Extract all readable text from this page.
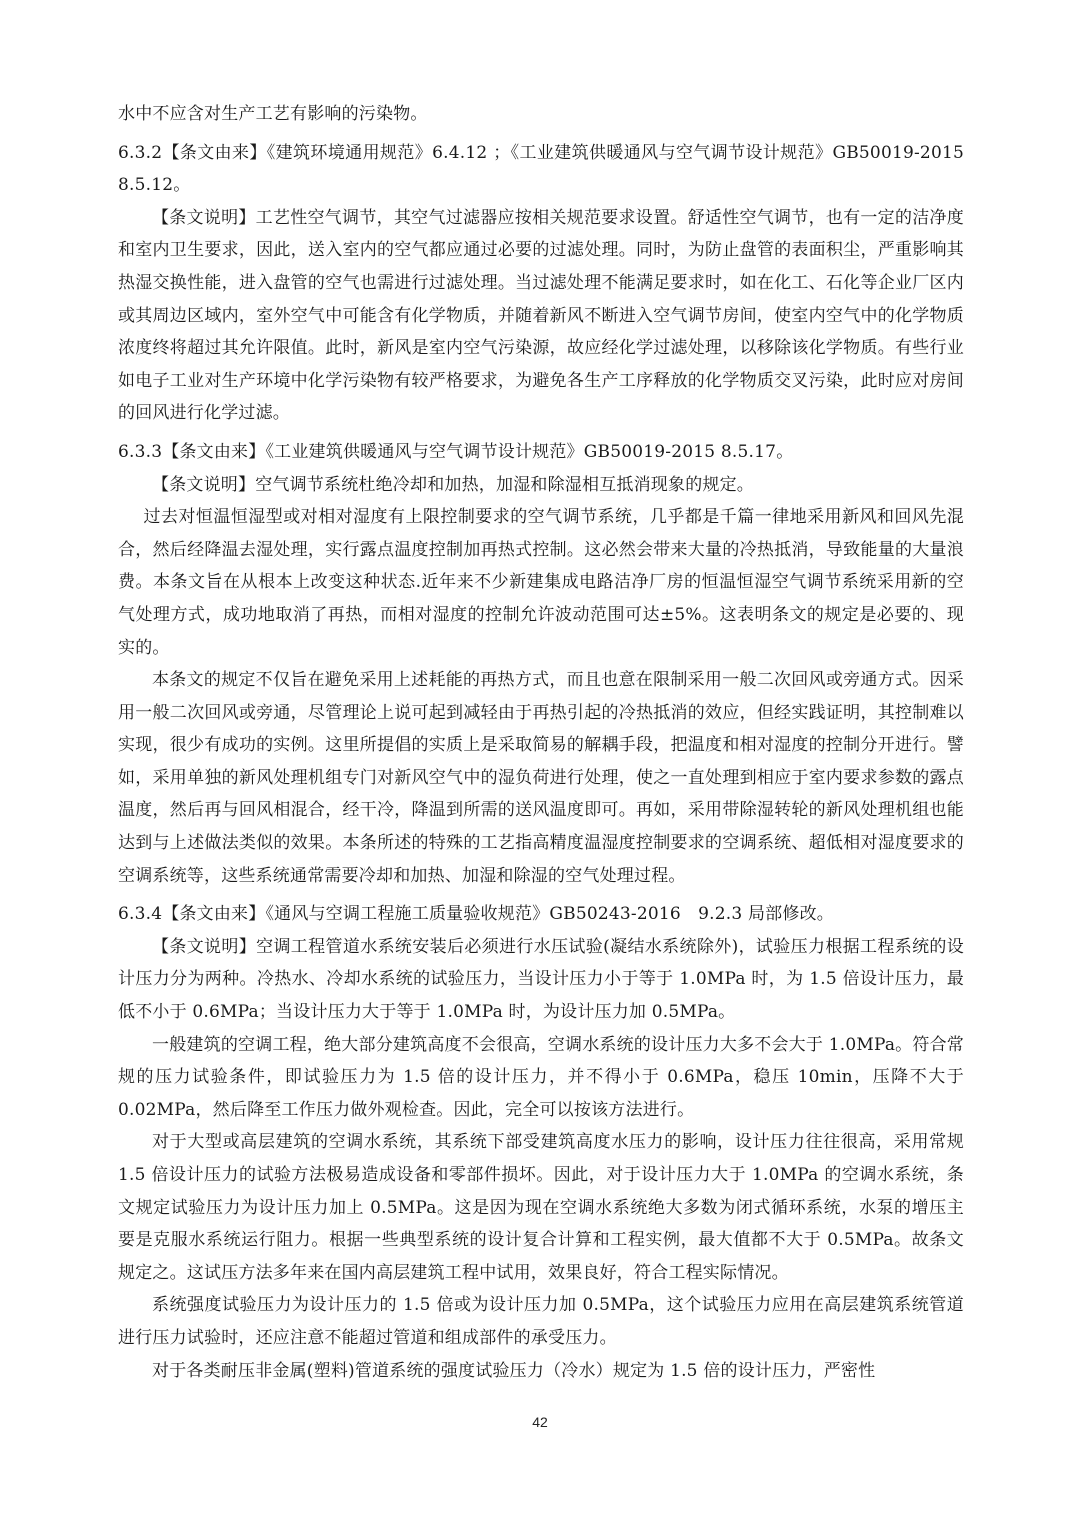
水中不应含对生产工艺有影响的污染物。

6.3.2【条文由来】《建筑环境通用规范》6.4.12 ；《工业建筑供暖通风与空气调节设计规范》GB50019-2015 8.5.12。

【条文说明】工艺性空气调节，其空气过滤器应按相关规范要求设置。舒适性空气调节，也有一定的洁净度和室内卫生要求，因此，送入室内的空气都应通过必要的过滤处理。同时，为防止盘管的表面积尘，严重影响其热湿交换性能，进入盘管的空气也需进行过滤处理。当过滤处理不能满足要求时，如在化工、石化等企业厂区内或其周边区域内，室外空气中可能含有化学物质，并随着新风不断进入空气调节房间，使室内空气中的化学物质浓度终将超过其允许限值。此时，新风是室内空气污染源，故应经化学过滤处理，以移除该化学物质。有些行业如电子工业对生产环境中化学污染物有较严格要求，为避免各生产工序释放的化学物质交叉污染，此时应对房间的回风进行化学过滤。

6.3.3【条文由来】《工业建筑供暖通风与空气调节设计规范》GB50019-2015 8.5.17。

【条文说明】空气调节系统杜绝冷却和加热，加湿和除湿相互抵消现象的规定。

过去对恒温恒湿型或对相对湿度有上限控制要求的空气调节系统，几乎都是千篇一律地采用新风和回风先混合，然后经降温去湿处理，实行露点温度控制加再热式控制。这必然会带来大量的冷热抵消，导致能量的大量浪费。本条文旨在从根本上改变这种状态.近年来不少新建集成电路洁净厂房的恒温恒湿空气调节系统采用新的空气处理方式，成功地取消了再热，而相对湿度的控制允许波动范围可达±5%。这表明条文的规定是必要的、现实的。

本条文的规定不仅旨在避免采用上述耗能的再热方式，而且也意在限制采用一般二次回风或旁通方式。因采用一般二次回风或旁通，尽管理论上说可起到减轻由于再热引起的冷热抵消的效应，但经实践证明，其控制难以实现，很少有成功的实例。这里所提倡的实质上是采取简易的解耦手段，把温度和相对湿度的控制分开进行。譬如，采用单独的新风处理机组专门对新风空气中的湿负荷进行处理，使之一直处理到相应于室内要求参数的露点温度，然后再与回风相混合，经干冷，降温到所需的送风温度即可。再如，采用带除湿转轮的新风处理机组也能达到与上述做法类似的效果。本条所述的特殊的工艺指高精度温湿度控制要求的空调系统、超低相对湿度要求的空调系统等，这些系统通常需要冷却和加热、加湿和除湿的空气处理过程。

6.3.4【条文由来】《通风与空调工程施工质量验收规范》GB50243-2016　9.2.3 局部修改。

【条文说明】空调工程管道水系统安装后必须进行水压试验(凝结水系统除外)，试验压力根据工程系统的设计压力分为两种。冷热水、冷却水系统的试验压力，当设计压力小于等于 1.0MPa 时，为 1.5 倍设计压力，最低不小于 0.6MPa；当设计压力大于等于 1.0MPa 时，为设计压力加 0.5MPa。

一般建筑的空调工程，绝大部分建筑高度不会很高，空调水系统的设计压力大多不会大于 1.0MPa。符合常规的压力试验条件，即试验压力为 1.5 倍的设计压力，并不得小于 0.6MPa，稳压 10min，压降不大于 0.02MPa，然后降至工作压力做外观检查。因此，完全可以按该方法进行。

对于大型或高层建筑的空调水系统，其系统下部受建筑高度水压力的影响，设计压力往往很高，采用常规 1.5 倍设计压力的试验方法极易造成设备和零部件损坏。因此，对于设计压力大于 1.0MPa 的空调水系统，条文规定试验压力为设计压力加上 0.5MPa。这是因为现在空调水系统绝大多数为闭式循环系统，水泵的增压主要是克服水系统运行阻力。根据一些典型系统的设计复合计算和工程实例，最大值都不大于 0.5MPa。故条文规定之。这试压方法多年来在国内高层建筑工程中试用，效果良好，符合工程实际情况。

系统强度试验压力为设计压力的 1.5 倍或为设计压力加 0.5MPa，这个试验压力应用在高层建筑系统管道进行压力试验时，还应注意不能超过管道和组成部件的承受压力。

对于各类耐压非金属(塑料)管道系统的强度试验压力（冷水）规定为 1.5 倍的设计压力，严密性

42
